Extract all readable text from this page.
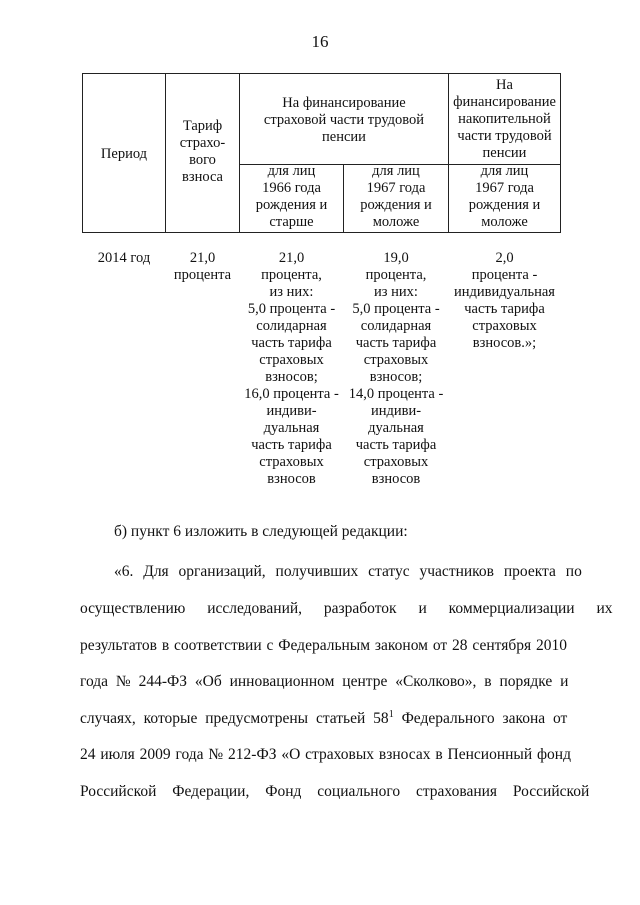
16
Период
Тариф
страхо-
вого
взноса
На финансирование
страховой части трудовой
пенсии
На
финансирование
накопительной
части трудовой
пенсии
для лиц
1966 года
рождения и
старше
для лиц
1967 года
рождения и
моложе
для лиц
1967 года
рождения и
моложе
2014 год	21,0
процента
21,0
процента,
из них:
5,0 процента -
солидарная
часть тарифа
страховых
взносов;
16,0 процента -
индиви-
дуальная
часть тарифа
страховых
взносов
19,0
процента,
из них:
5,0 процента -
солидарная
часть тарифа
страховых
взносов;
14,0 процента -
индиви-
дуальная
часть тарифа
страховых
взносов
2,0
процента -
индивидуальная
часть тарифа
страховых
взносов.»;
б) пункт 6 изложить в следующей редакции:
«6. Для организаций, получивших статус участников проекта по
осуществлению исследований, разработок и коммерциализации их
результатов в соответствии с Федеральным законом от 28 сентября 2010
года № 244-ФЗ «Об инновационном центре «Сколково», в порядке и
случаях, которые предусмотрены статьей $58^1$ Федерального закона от
24 июля 2009 года № 212-ФЗ «О страховых взносах в Пенсионный фонд
Российской Федерации, Фонд социального страхования Российской
